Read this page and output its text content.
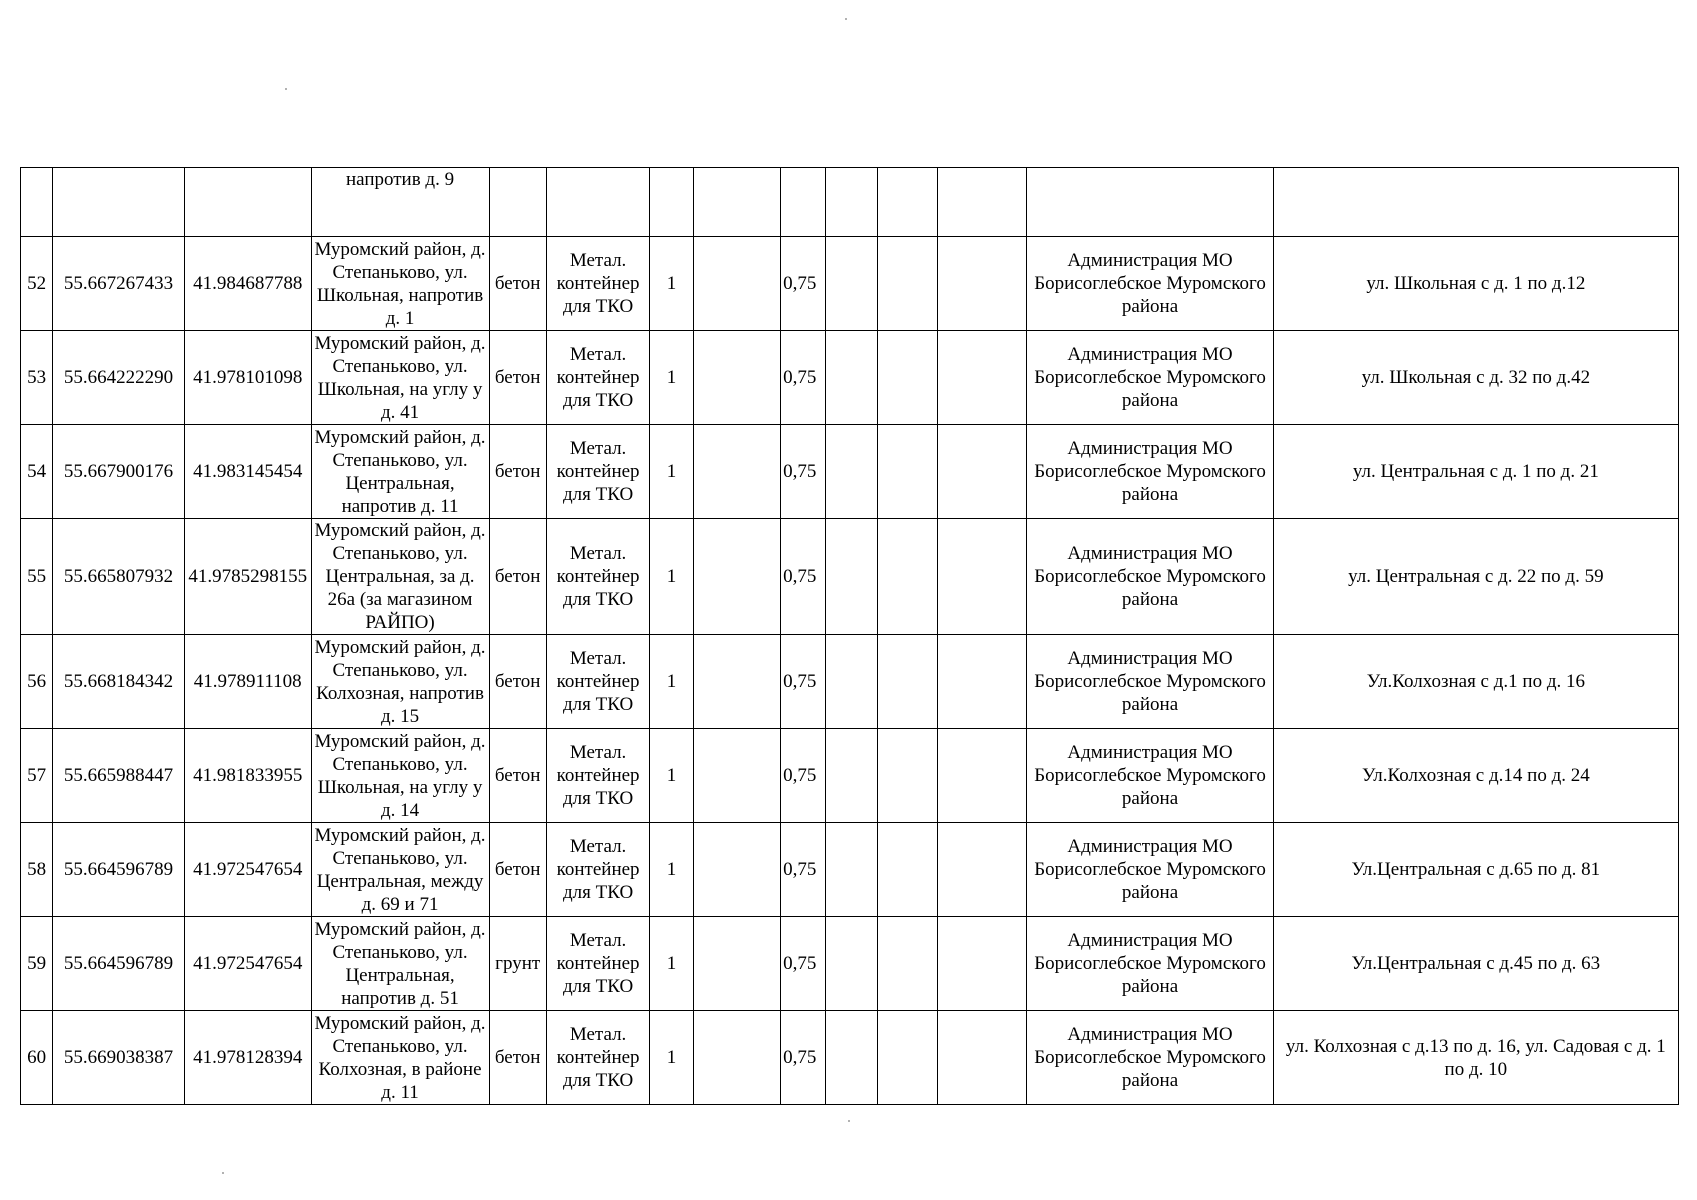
			напротив д. 9										
52	55.667267433	41.984687788	Муромский район, д. Степаньково, ул. Школьная, напротив д. 1	бетон	Метал. контейнер для ТКО	1		0,75				Администрация МО Борисоглебское Муромского района	ул. Школьная с д. 1 по д.12
53	55.664222290	41.978101098	Муромский район, д. Степаньково, ул. Школьная, на углу у д. 41	бетон	Метал. контейнер для ТКО	1		0,75				Администрация МО Борисоглебское Муромского района	ул. Школьная с д. 32 по д.42
54	55.667900176	41.983145454	Муромский район, д. Степаньково, ул. Центральная, напротив д. 11	бетон	Метал. контейнер для ТКО	1		0,75				Администрация МО Борисоглебское Муромского района	ул. Центральная с д. 1 по д. 21
55	55.665807932	41.9785298155	Муромский район, д. Степаньково, ул. Центральная, за д. 26а (за магазином РАЙПО)	бетон	Метал. контейнер для ТКО	1		0,75				Администрация МО Борисоглебское Муромского района	ул. Центральная с д. 22 по д. 59
56	55.668184342	41.978911108	Муромский район, д. Степаньково, ул. Колхозная, напротив д. 15	бетон	Метал. контейнер для ТКО	1		0,75				Администрация МО Борисоглебское Муромского района	Ул.Колхозная с д.1 по д. 16
57	55.665988447	41.981833955	Муромский район, д. Степаньково, ул. Школьная, на углу у д. 14	бетон	Метал. контейнер для ТКО	1		0,75				Администрация МО Борисоглебское Муромского района	Ул.Колхозная с д.14 по д. 24
58	55.664596789	41.972547654	Муромский район, д. Степаньково, ул. Центральная, между д. 69 и 71	бетон	Метал. контейнер для ТКО	1		0,75				Администрация МО Борисоглебское Муромского района	Ул.Центральная с д.65 по д. 81
59	55.664596789	41.972547654	Муромский район, д. Степаньково, ул. Центральная, напротив д. 51	грунт	Метал. контейнер для ТКО	1		0,75				Администрация МО Борисоглебское Муромского района	Ул.Центральная с д.45 по д. 63
60	55.669038387	41.978128394	Муромский район, д. Степаньково, ул. Колхозная, в районе д. 11	бетон	Метал. контейнер для ТКО	1		0,75				Администрация МО Борисоглебское Муромского района	ул. Колхозная с д.13 по д. 16, ул. Садовая с д. 1 по д. 10
